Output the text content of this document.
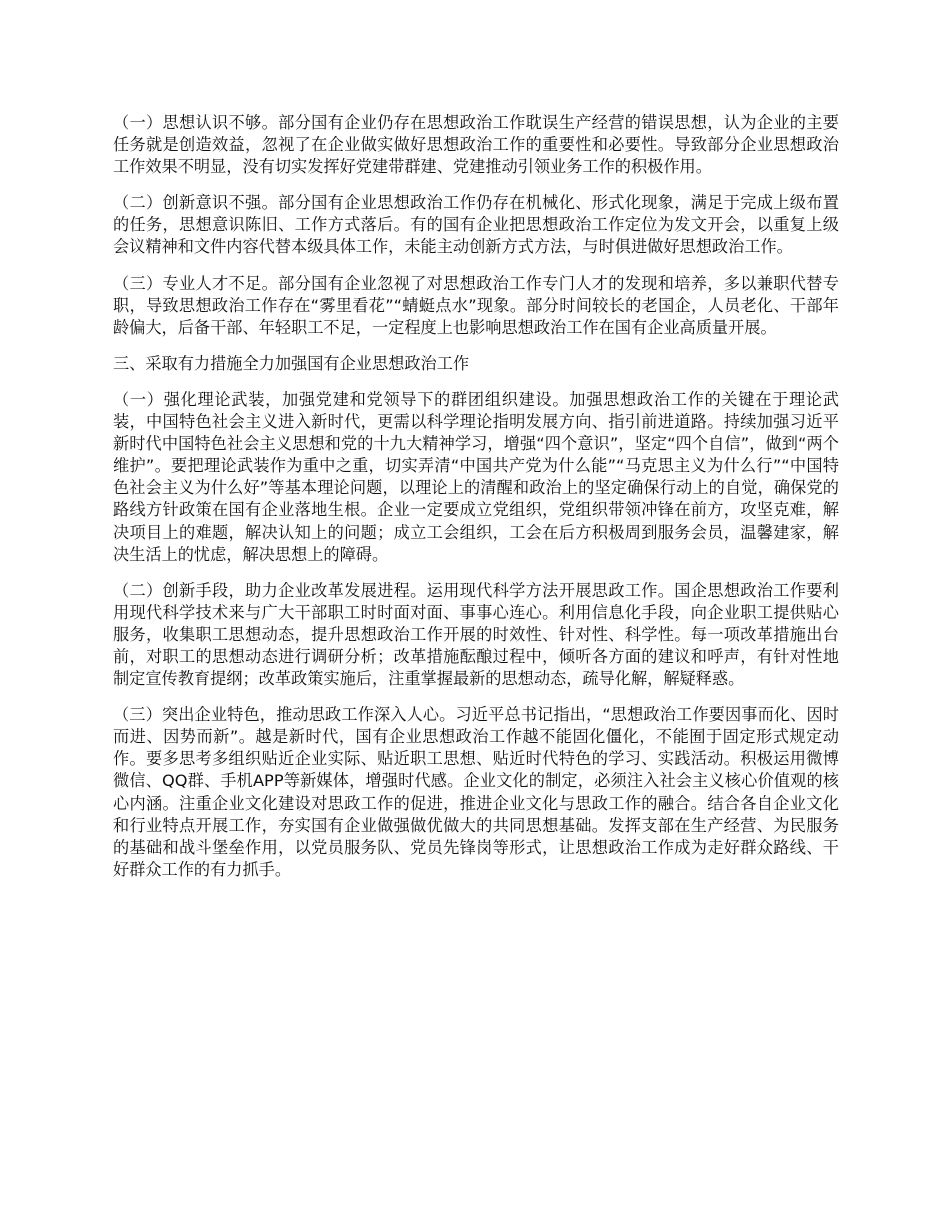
（一）思想认识不够。部分国有企业仍存在思想政治工作耽误生产经营的错误思想，认为企业的主要任务就是创造效益，忽视了在企业做实做好思想政治工作的重要性和必要性。导致部分企业思想政治工作效果不明显，没有切实发挥好党建带群建、党建推动引领业务工作的积极作用。

（二）创新意识不强。部分国有企业思想政治工作仍存在机械化、形式化现象，满足于完成上级布置的任务，思想意识陈旧、工作方式落后。有的国有企业把思想政治工作定位为发文开会，以重复上级会议精神和文件内容代替本级具体工作，未能主动创新方式方法，与时俱进做好思想政治工作。

（三）专业人才不足。部分国有企业忽视了对思想政治工作专门人才的发现和培养，多以兼职代替专职，导致思想政治工作存在“雾里看花”“蜻蜓点水”现象。部分时间较长的老国企，人员老化、干部年龄偏大，后备干部、年轻职工不足，一定程度上也影响思想政治工作在国有企业高质量开展。

三、采取有力措施全力加强国有企业思想政治工作

（一）强化理论武装，加强党建和党领导下的群团组织建设。加强思想政治工作的关键在于理论武装，中国特色社会主义进入新时代，更需以科学理论指明发展方向、指引前进道路。持续加强习近平新时代中国特色社会主义思想和党的十九大精神学习，增强“四个意识”，坚定“四个自信”，做到“两个维护”。要把理论武装作为重中之重，切实弄清“中国共产党为什么能”“马克思主义为什么行”“中国特色社会主义为什么好”等基本理论问题，以理论上的清醒和政治上的坚定确保行动上的自觉，确保党的路线方针政策在国有企业落地生根。企业一定要成立党组织，党组织带领冲锋在前方，攻坚克难，解决项目上的难题，解决认知上的问题；成立工会组织，工会在后方积极周到服务会员，温馨建家，解决生活上的忧虑，解决思想上的障碍。

（二）创新手段，助力企业改革发展进程。运用现代科学方法开展思政工作。国企思想政治工作要利用现代科学技术来与广大干部职工时时面对面、事事心连心。利用信息化手段，向企业职工提供贴心服务，收集职工思想动态，提升思想政治工作开展的时效性、针对性、科学性。每一项改革措施出台前，对职工的思想动态进行调研分析；改革措施酝酿过程中，倾听各方面的建议和呼声，有针对性地制定宣传教育提纲；改革政策实施后，注重掌握最新的思想动态，疏导化解，解疑释惑。

（三）突出企业特色，推动思政工作深入人心。习近平总书记指出，“思想政治工作要因事而化、因时而进、因势而新”。越是新时代，国有企业思想政治工作越不能固化僵化，不能囿于固定形式规定动作。要多思考多组织贴近企业实际、贴近职工思想、贴近时代特色的学习、实践活动。积极运用微博微信、QQ群、手机APP等新媒体，增强时代感。企业文化的制定，必须注入社会主义核心价值观的核心内涵。注重企业文化建设对思政工作的促进，推进企业文化与思政工作的融合。结合各自企业文化和行业特点开展工作，夯实国有企业做强做优做大的共同思想基础。发挥支部在生产经营、为民服务的基础和战斗堡垒作用，以党员服务队、党员先锋岗等形式，让思想政治工作成为走好群众路线、干好群众工作的有力抓手。
